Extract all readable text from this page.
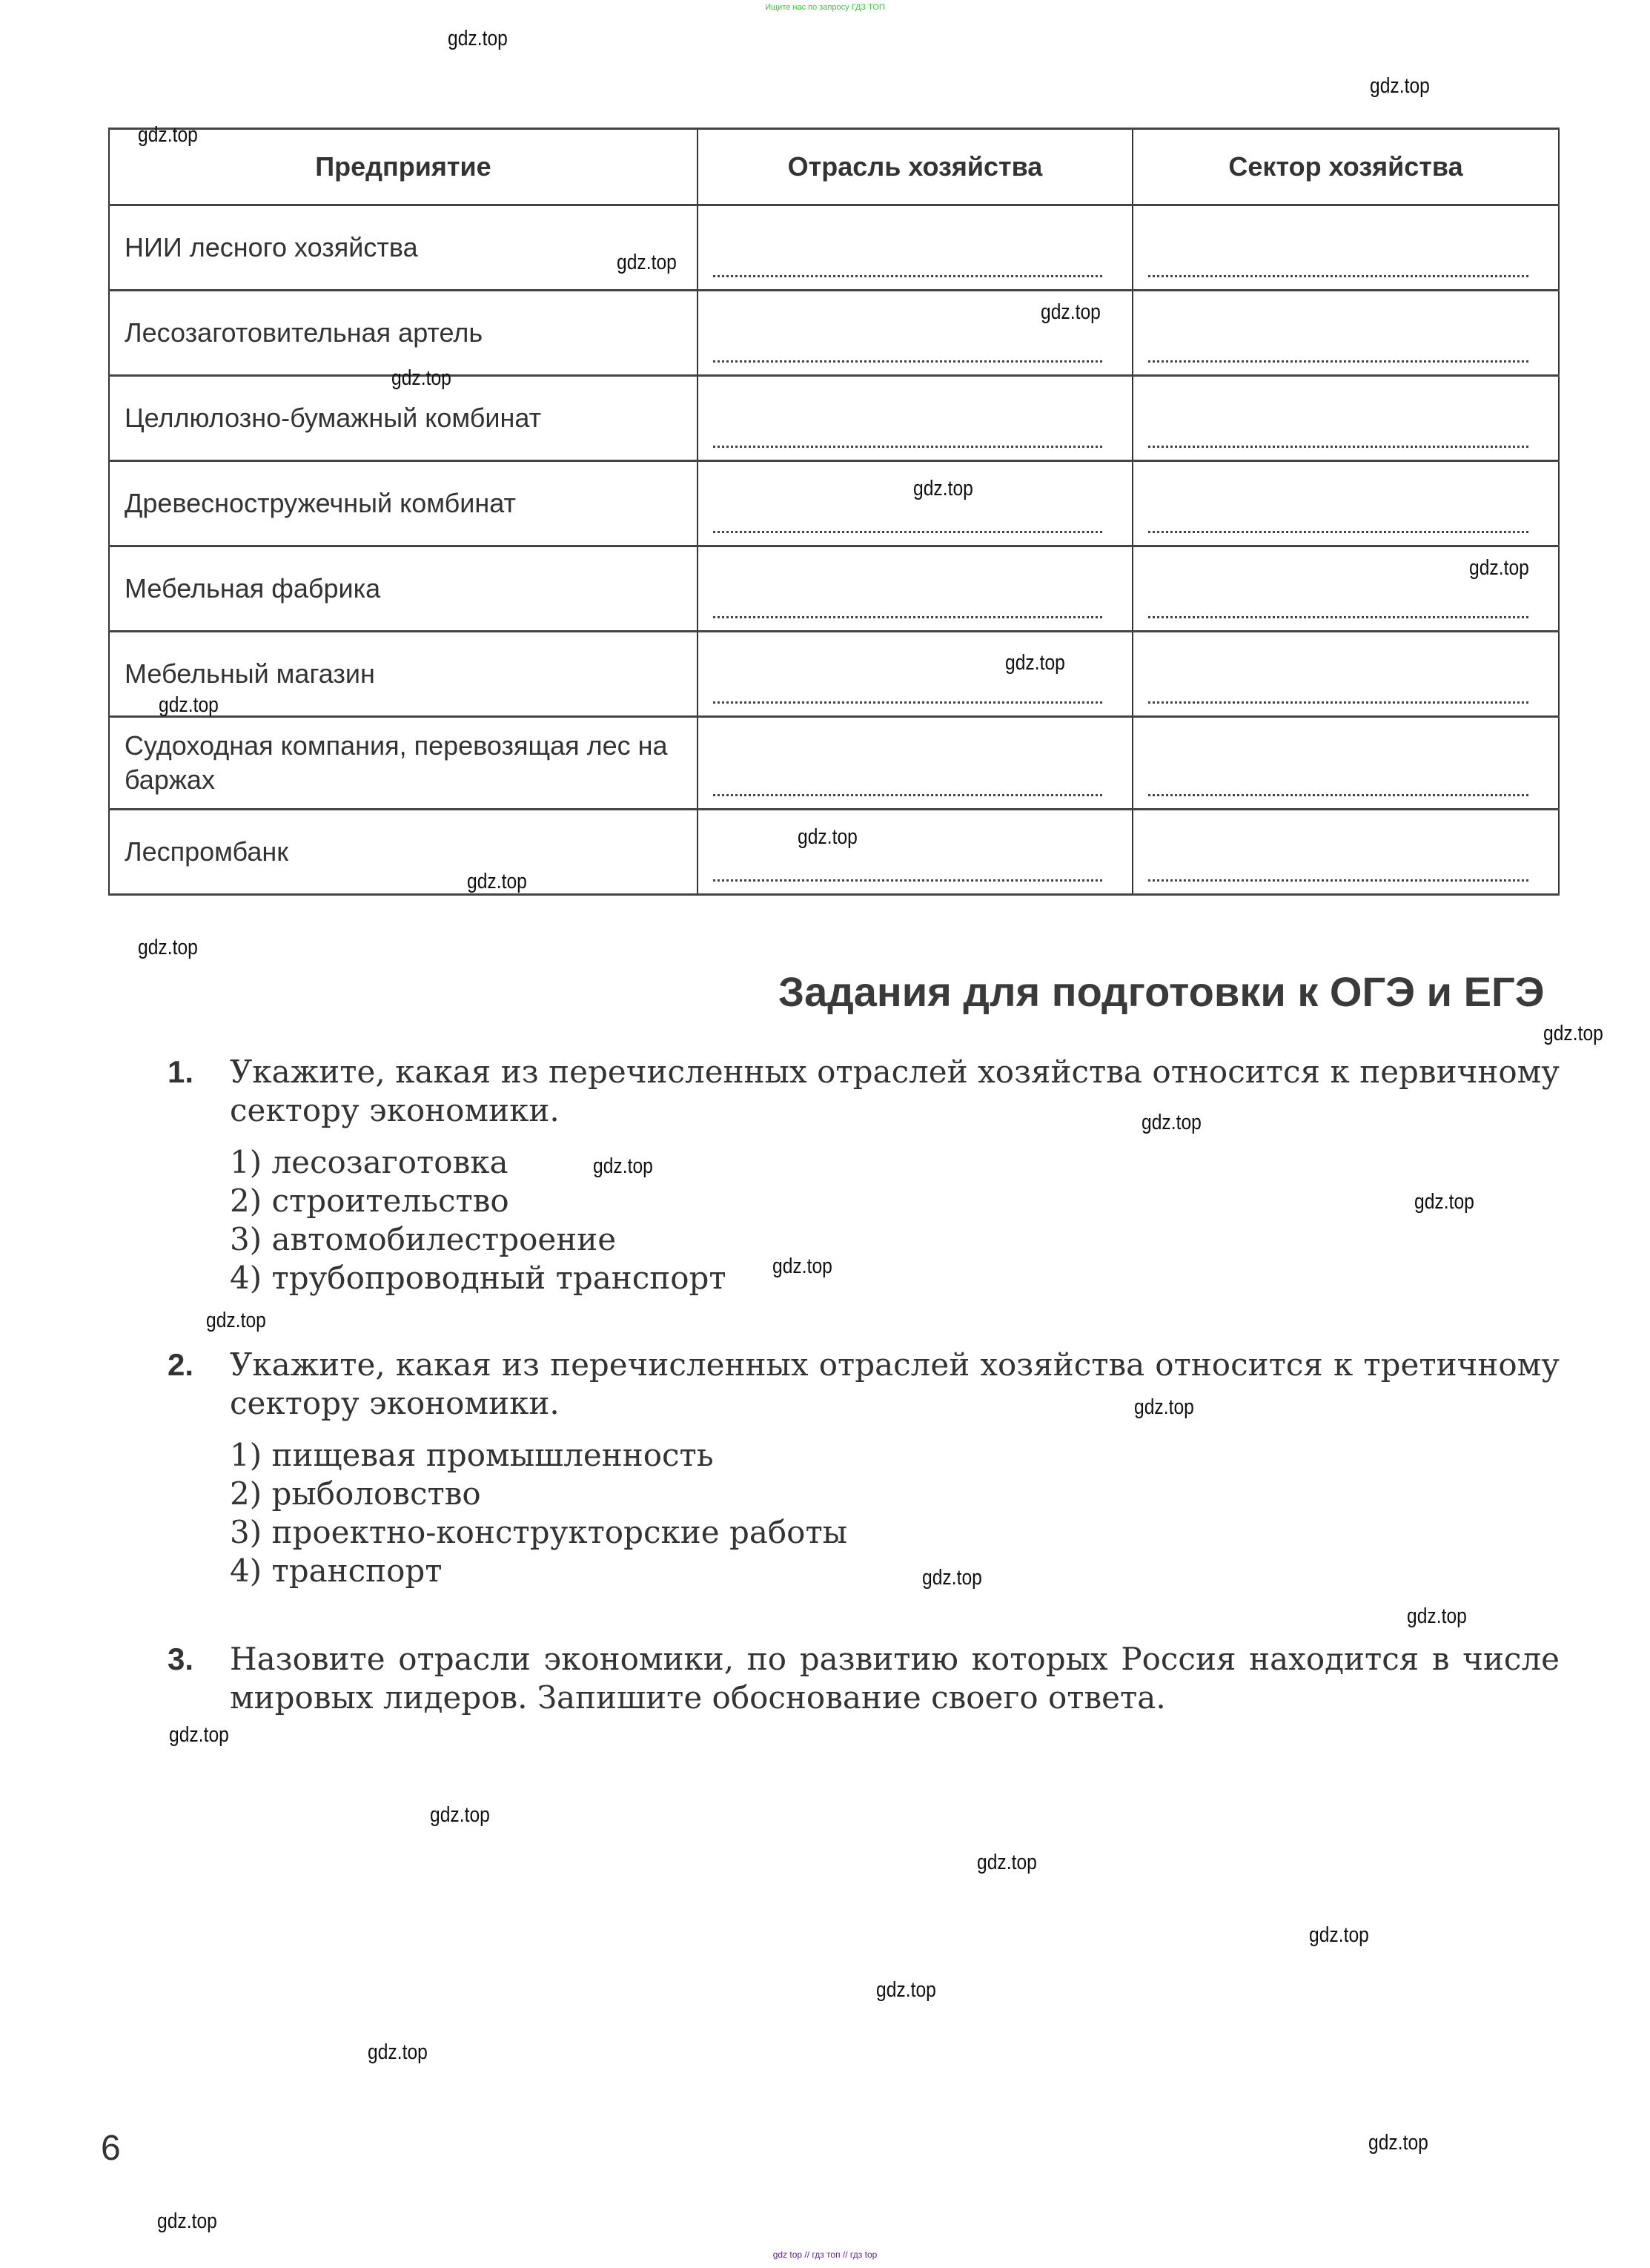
Ищите нас по запросу ГДЗ ТОП
Предприятие	Отрасль хозяйства	Сектор хозяйства
НИИ лесного хозяйства	

Лесозаготовительная артель	

Целлюлозно-бумажный комбинат	

Древесностружечный комбинат	

Мебельная фабрика	

Мебельный магазин	

Судоходная компания, перевозящая лес на баржах	

Леспромбанк	

Задания для подготовки к ОГЭ и ЕГЭ
1. Укажите, какая из перечисленных отраслей хозяйства относится к первичному сектору экономики.
1) лесозаготовка
2) строительство
3) автомобилестроение
4) трубопроводный транспорт
2. Укажите, какая из перечисленных отраслей хозяйства относится к третичному сектору экономики.
1) пищевая промышленность
2) рыболовство
3) проектно-конструкторские работы
4) транспорт
3. Назовите отрасли экономики, по развитию которых Россия находится в числе мировых лидеров. Запишите обоснование своего ответа.
6
gdz.top
gdz.top
gdz.top
gdz.top
gdz.top
gdz.top
gdz.top
gdz.top
gdz.top
gdz.top
gdz.top
gdz.top
gdz.top
gdz.top
gdz.top
gdz.top
gdz.top
gdz.top
gdz.top
gdz.top
gdz.top
gdz.top
gdz.top
gdz.top
gdz.top
gdz.top
gdz.top
gdz.top
gdz.top
gdz.top
gdz top // гдз топ // гдз top
